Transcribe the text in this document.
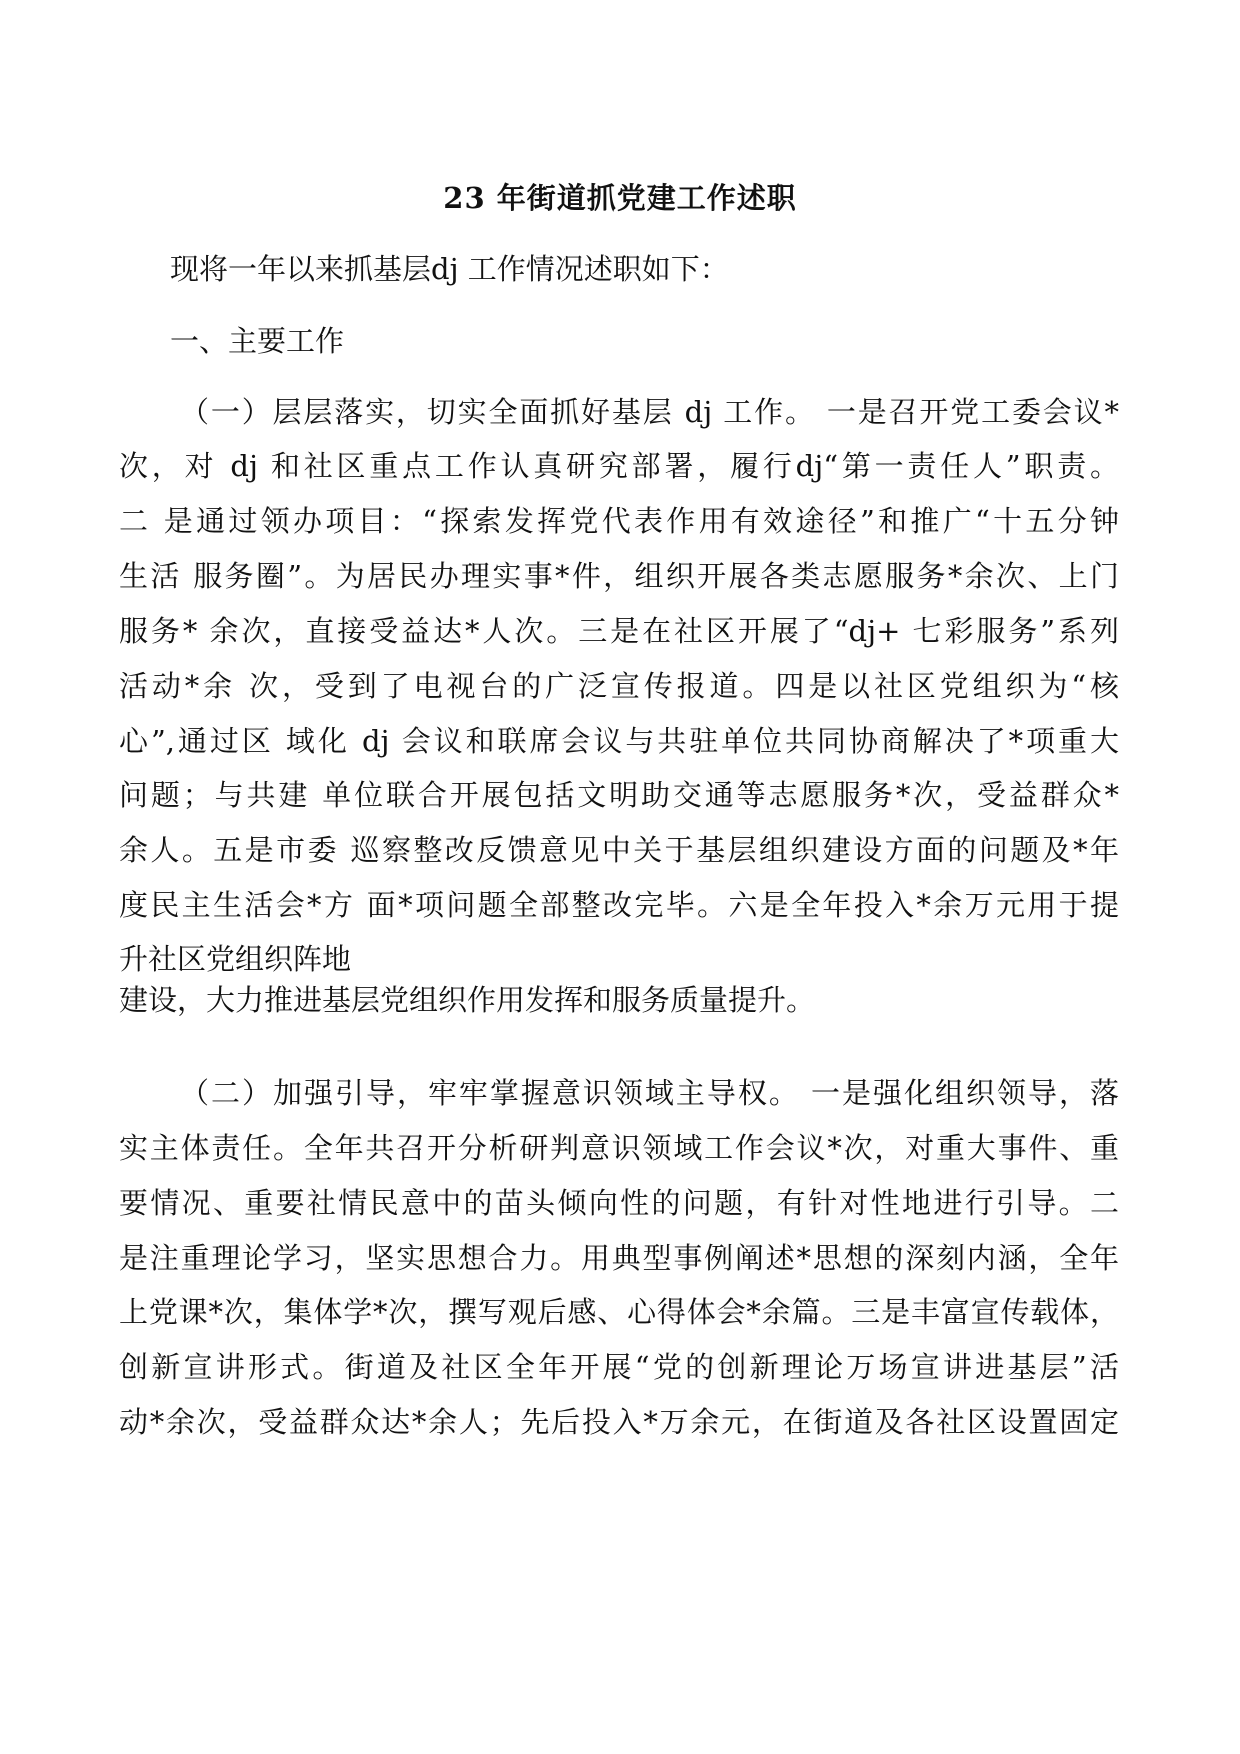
23 年街道抓党建工作述职
现将一年以来抓基层dj 工作情况述职如下：
一、主要工作
（一）层层落实，切实全面抓好基层 dj 工作。 一是召开党工委会议*
次，对 dj 和社区重点工作认真研究部署，履行dj“第一责任人”职责。
二 是通过领办项目：“探索发挥党代表作用有效途径”和推广“十五分钟
生活 服务圈”。为居民办理实事*件，组织开展各类志愿服务*余次、上门
服务* 余次，直接受益达*人次。三是在社区开展了“dj+ 七彩服务”系列
活动*余 次，受到了电视台的广泛宣传报道。四是以社区党组织为“核
心”,通过区 域化 dj 会议和联席会议与共驻单位共同协商解决了*项重大
问题；与共建 单位联合开展包括文明助交通等志愿服务*次，受益群众*
余人。五是市委 巡察整改反馈意见中关于基层组织建设方面的问题及*年
度民主生活会*方 面*项问题全部整改完毕。六是全年投入*余万元用于提
升社区党组织阵地
建设，大力推进基层党组织作用发挥和服务质量提升。
（二）加强引导，牢牢掌握意识领域主导权。 一是强化组织领导，落
实主体责任。全年共召开分析研判意识领域工作会议*次，对重大事件、重
要情况、重要社情民意中的苗头倾向性的问题，有针对性地进行引导。二
是注重理论学习，坚实思想合力。用典型事例阐述*思想的深刻内涵，全年
上党课*次，集体学*次，撰写观后感、心得体会*余篇。三是丰富宣传载体，
创新宣讲形式。街道及社区全年开展“党的创新理论万场宣讲进基层”活
动*余次，受益群众达*余人；先后投入*万余元，在街道及各社区设置固定
